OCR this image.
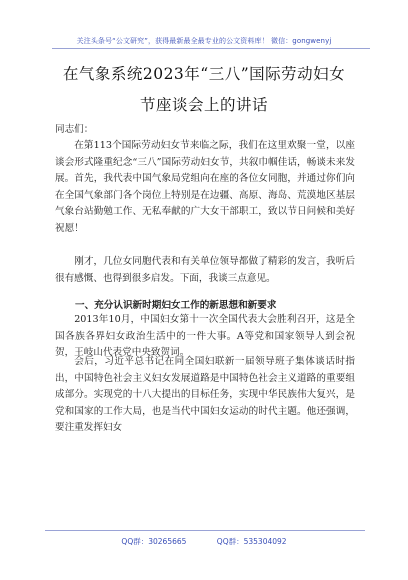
关注头条号“公文研究”，获得最新最全最专业的公文资料库！ 微信：gongwenyj
在气象系统2023年“三八”国际劳动妇女
节座谈会上的讲话
同志们：
在第113个国际劳动妇女节来临之际，我们在这里欢聚一堂，以座谈会形式隆重纪念“三八”国际劳动妇女节，共叙巾帼佳话，畅谈未来发展。首先，我代表中国气象局党组向在座的各位女同胞，并通过你们向在全国气象部门各个岗位上特别是在边疆、高原、海岛、荒漠地区基层气象台站勤勉工作、无私奉献的广大女干部职工，致以节日问候和美好祝愿！
刚才，几位女同胞代表和有关单位领导都做了精彩的发言，我听后很有感慨、也得到很多启发。下面，我谈三点意见。
一、充分认识新时期妇女工作的新思想和新要求
2013年10月，中国妇女第十一次全国代表大会胜利召开，这是全国各族各界妇女政治生活中的一件大事。A等党和国家领导人到会祝贺，王岐山代表党中央致贺词。
会后，习近平总书记在同全国妇联新一届领导班子集体谈话时指出，中国特色社会主义妇女发展道路是中国特色社会主义道路的重要组成部分。实现党的十八大提出的目标任务，实现中华民族伟大复兴，是党和国家的工作大局，也是当代中国妇女运动的时代主题。他还强调，要注重发挥妇女
QQ群：30265665	QQ群：535304092
